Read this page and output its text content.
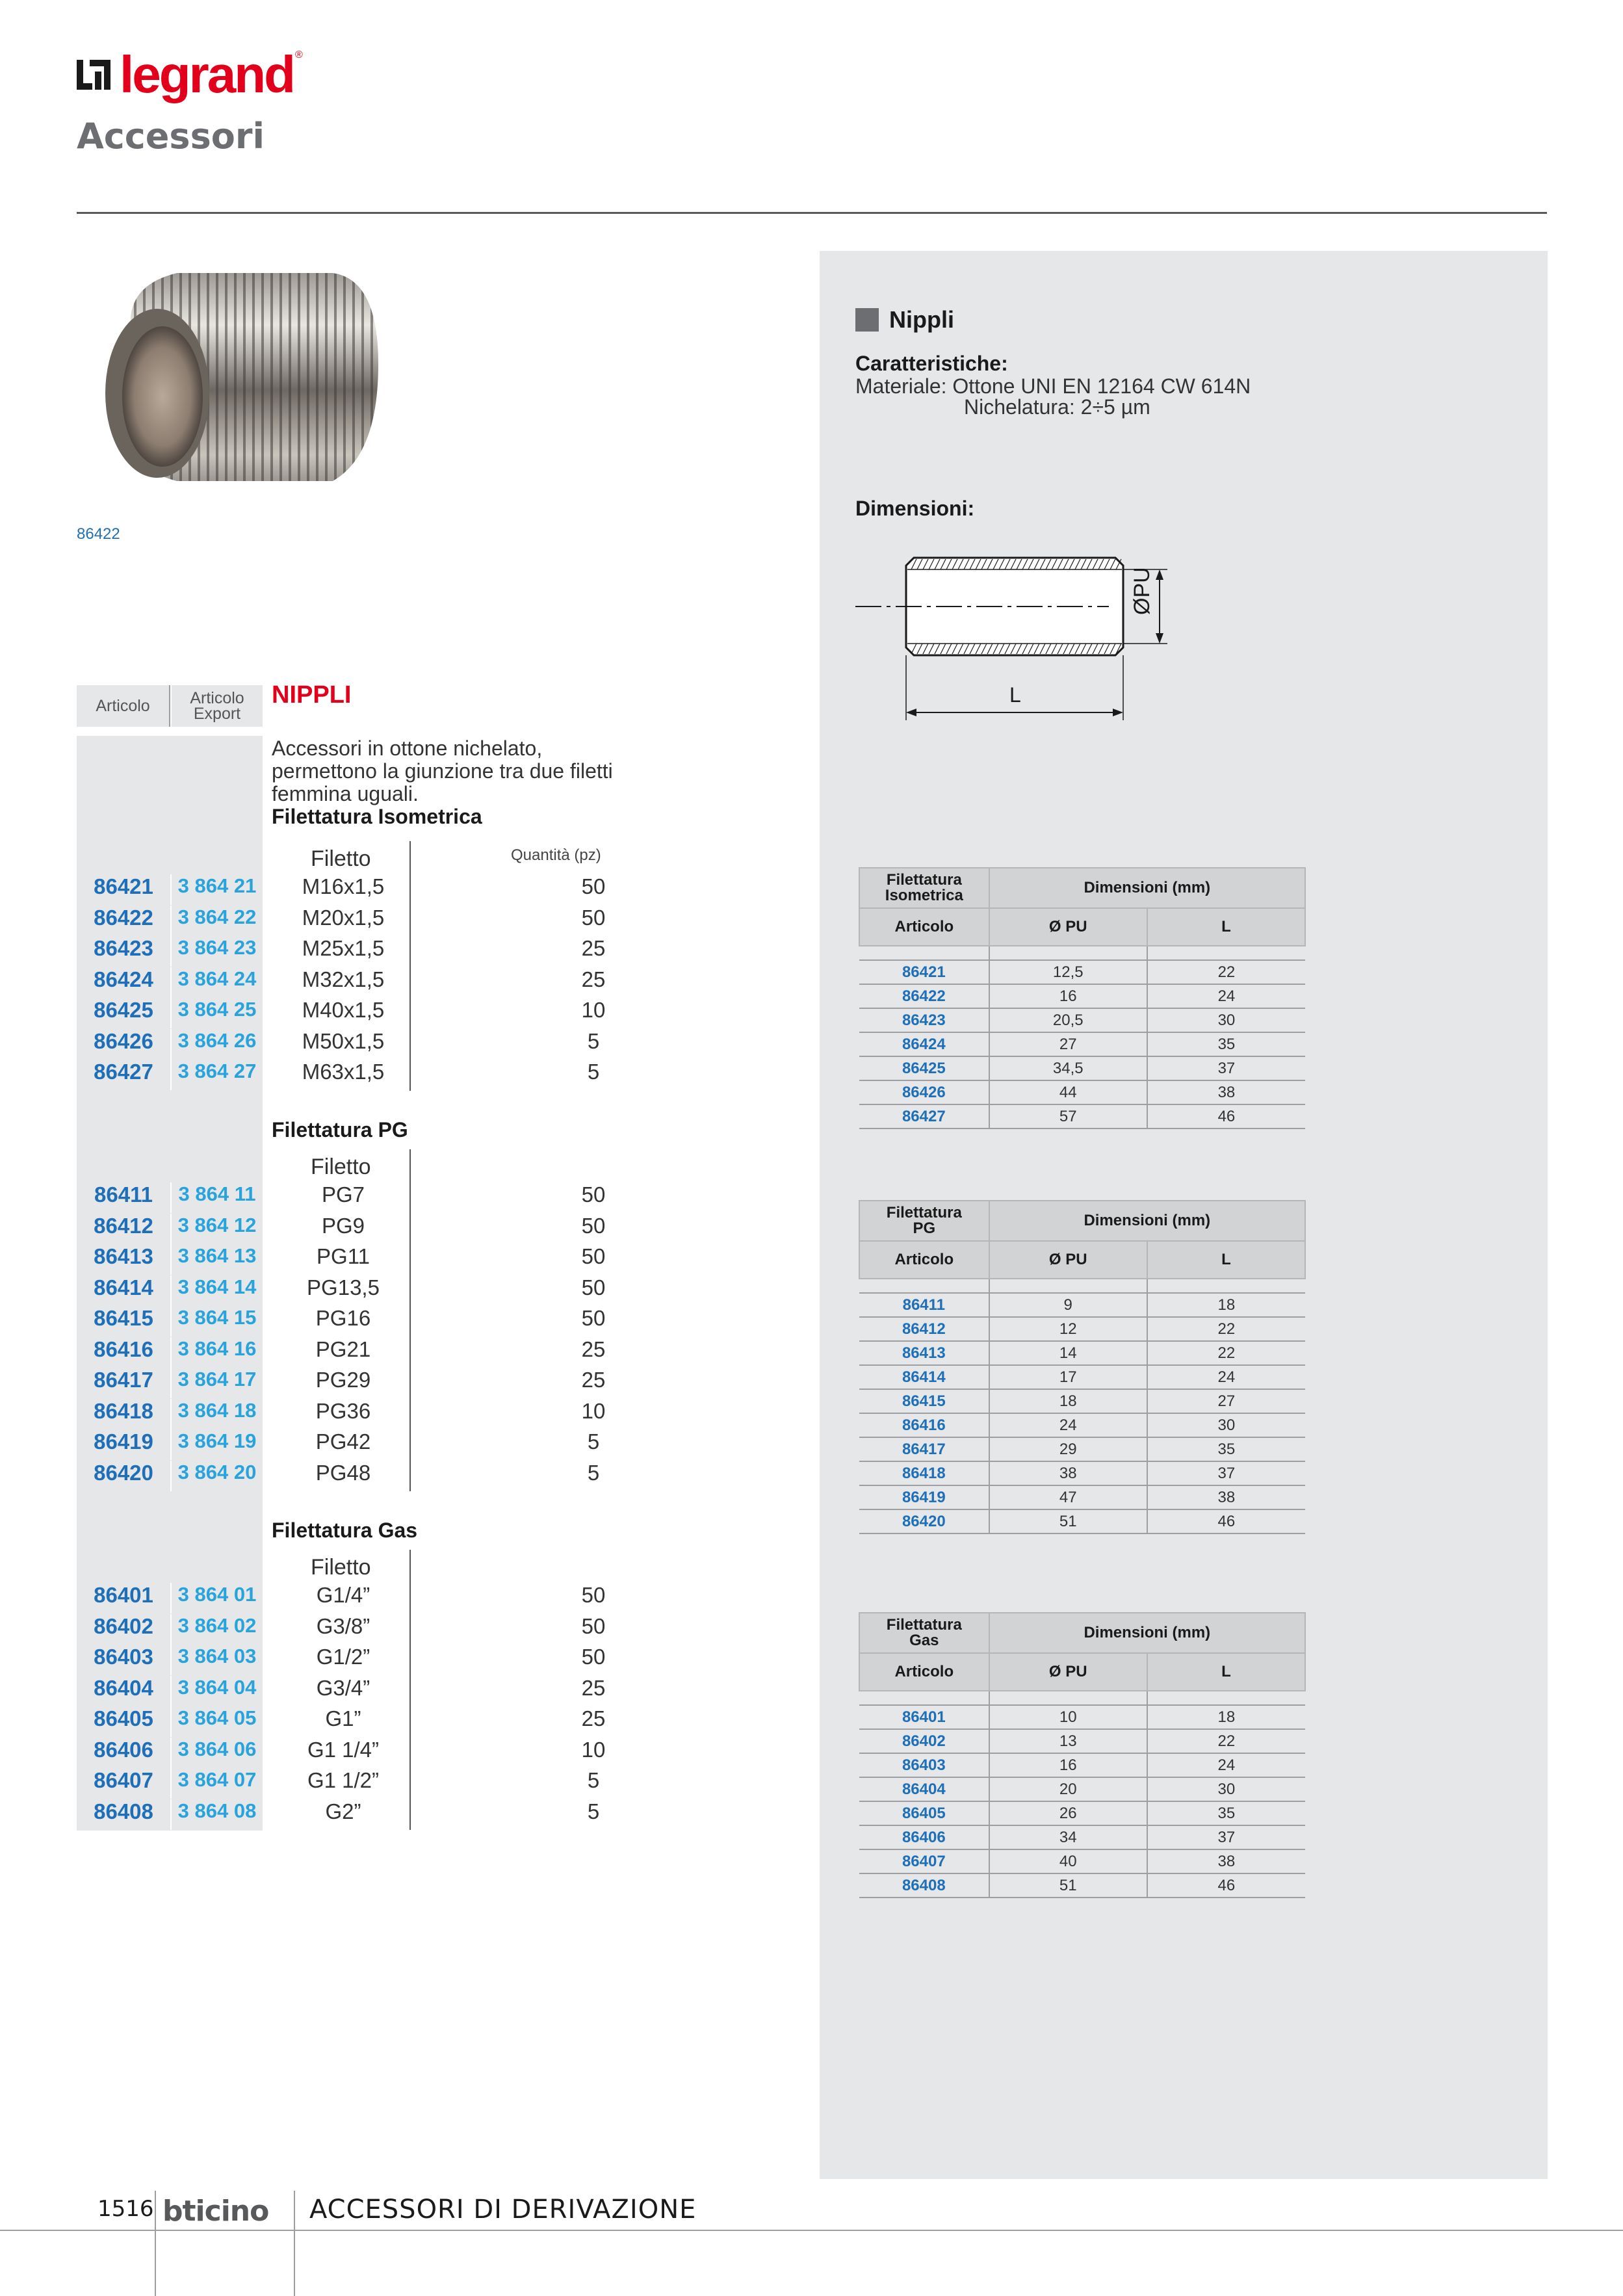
legrand ®
Accessori
86422
Articolo	Articolo
Export
NIPPLI
Accessori in ottone nichelato, permettono la giunzione tra due filetti femmina uguali.
Filettatura Isometrica
Filetto	Quantità (pz)
86421	3 864 21	M16x1,5	50
86422	3 864 22	M20x1,5	50
86423	3 864 23	M25x1,5	25
86424	3 864 24	M32x1,5	25
86425	3 864 25	M40x1,5	10
86426	3 864 26	M50x1,5	5
86427	3 864 27	M63x1,5	5
Filettatura PG
Filetto
86411	3 864 11	PG7	50
86412	3 864 12	PG9	50
86413	3 864 13	PG11	50
86414	3 864 14	PG13,5	50
86415	3 864 15	PG16	50
86416	3 864 16	PG21	25
86417	3 864 17	PG29	25
86418	3 864 18	PG36	10
86419	3 864 19	PG42	5
86420	3 864 20	PG48	5
Filettatura Gas
Filetto
86401	3 864 01	G1/4”	50
86402	3 864 02	G3/8”	50
86403	3 864 03	G1/2”	50
86404	3 864 04	G3/4”	25
86405	3 864 05	G1”	25
86406	3 864 06	G1 1/4”	10
86407	3 864 07	G1 1/2”	5
86408	3 864 08	G2”	5
Nippli
Caratteristiche:
Materiale: Ottone UNI EN 12164 CW 614N
Nichelatura: 2÷5 µm
Dimensioni:
ØPU
L
Filettatura
Isometrica	Dimensioni (mm)	
Articolo	Ø PU	L

86421	12,5	22
86422	16	24
86423	20,5	30
86424	27	35
86425	34,5	37
86426	44	38
86427	57	46
Filettatura
PG	Dimensioni (mm)	
Articolo	Ø PU	L

86411	9	18
86412	12	22
86413	14	22
86414	17	24
86415	18	27
86416	24	30
86417	29	35
86418	38	37
86419	47	38
86420	51	46
Filettatura
Gas	Dimensioni (mm)	
Articolo	Ø PU	L

86401	10	18
86402	13	22
86403	16	24
86404	20	30
86405	26	35
86406	34	37
86407	40	38
86408	51	46
1516 bticino ACCESSORI DI DERIVAZIONE
